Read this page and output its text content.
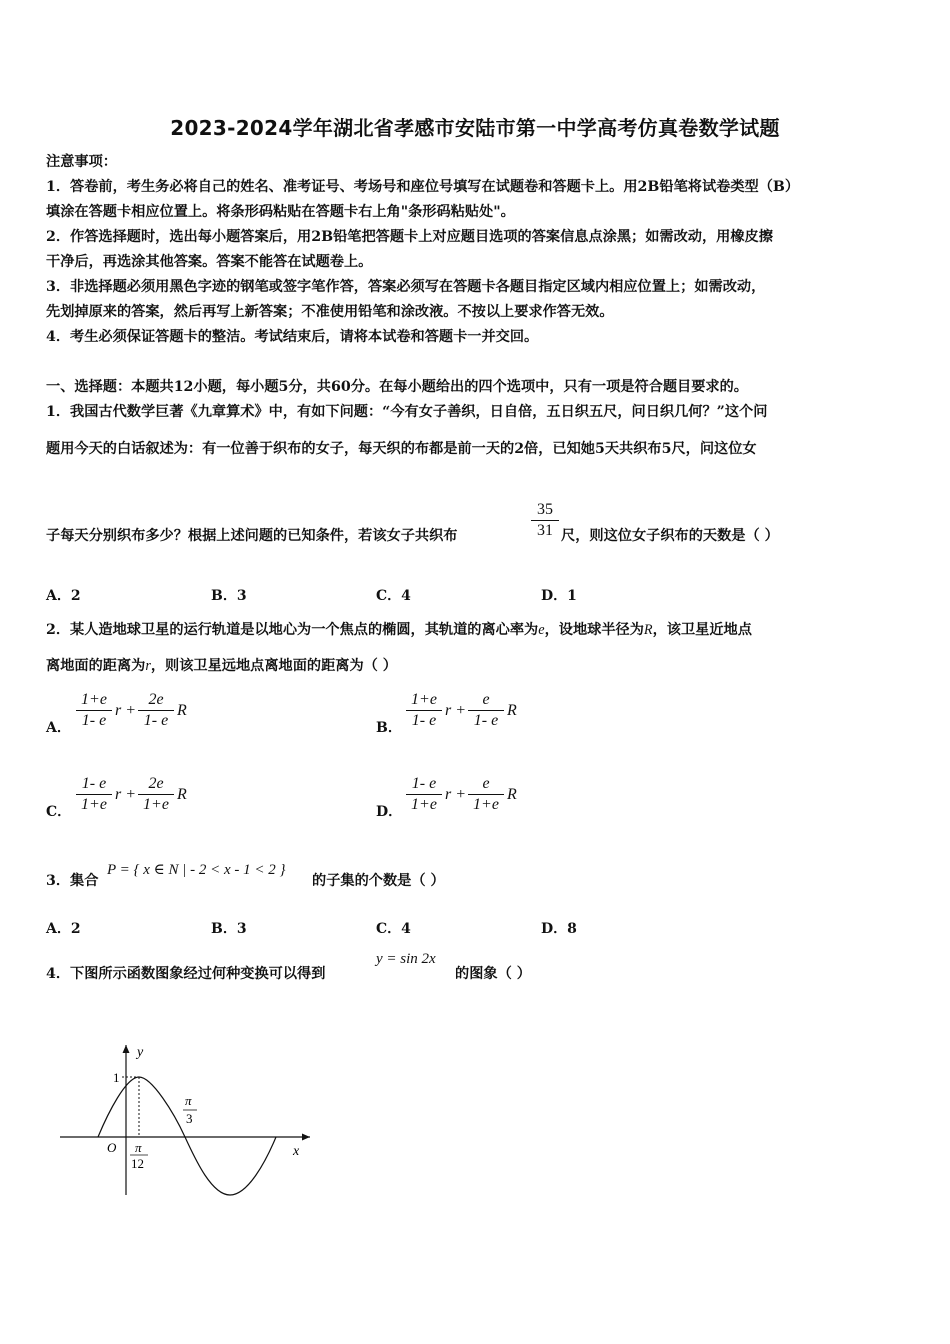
2023-2024学年湖北省孝感市安陆市第一中学高考仿真卷数学试题
注意事项：
1．答卷前，考生务必将自己的姓名、准考证号、考场号和座位号填写在试题卷和答题卡上。用2B铅笔将试卷类型（B）
填涂在答题卡相应位置上。将条形码粘贴在答题卡右上角"条形码粘贴处"。
2．作答选择题时，选出每小题答案后，用2B铅笔把答题卡上对应题目选项的答案信息点涂黑；如需改动，用橡皮擦
干净后，再选涂其他答案。答案不能答在试题卷上。
3．非选择题必须用黑色字迹的钢笔或签字笔作答，答案必须写在答题卡各题目指定区域内相应位置上；如需改动，
先划掉原来的答案，然后再写上新答案；不准使用铅笔和涂改液。不按以上要求作答无效。
4．考生必须保证答题卡的整洁。考试结束后，请将本试卷和答题卡一并交回。
一、选择题：本题共12小题，每小题5分，共60分。在每小题给出的四个选项中，只有一项是符合题目要求的。
1．我国古代数学巨著《九章算术》中，有如下问题：“今有女子善织，日自倍，五日织五尺，问日织几何？”这个问
题用今天的白话叙述为：有一位善于织布的女子，每天织的布都是前一天的2倍，已知她5天共织布5尺，问这位女
子每天分别织布多少？根据上述问题的已知条件，若该女子共织布
35
31 尺，则这位女子织布的天数是（ ）
A．2	B．3	C．4	D．1
2．某人造地球卫星的运行轨道是以地心为一个焦点的椭圆，其轨道的离心率为e，设地球半径为R，该卫星近地点
离地面的距离为r，则该卫星远地点离地面的距离为（ ）
A．
1+e
1- e
r +
2e
1- e
R
B．
1+e
1- e
r +
e
1- e
R
C．
1- e
1+e
r +
2e
1+e
R
D．
1- e
1+e
r +
e
1+e
R
3．集合
P = { x ∈ N | - 2 < x - 1 < 2 }
的子集的个数是（ ）
A．2	B．3	C．4	D．8
4．下图所示函数图象经过何种变换可以得到
y = sin 2x
的图象（ ）
y
x
O
1
π
12
π
3
